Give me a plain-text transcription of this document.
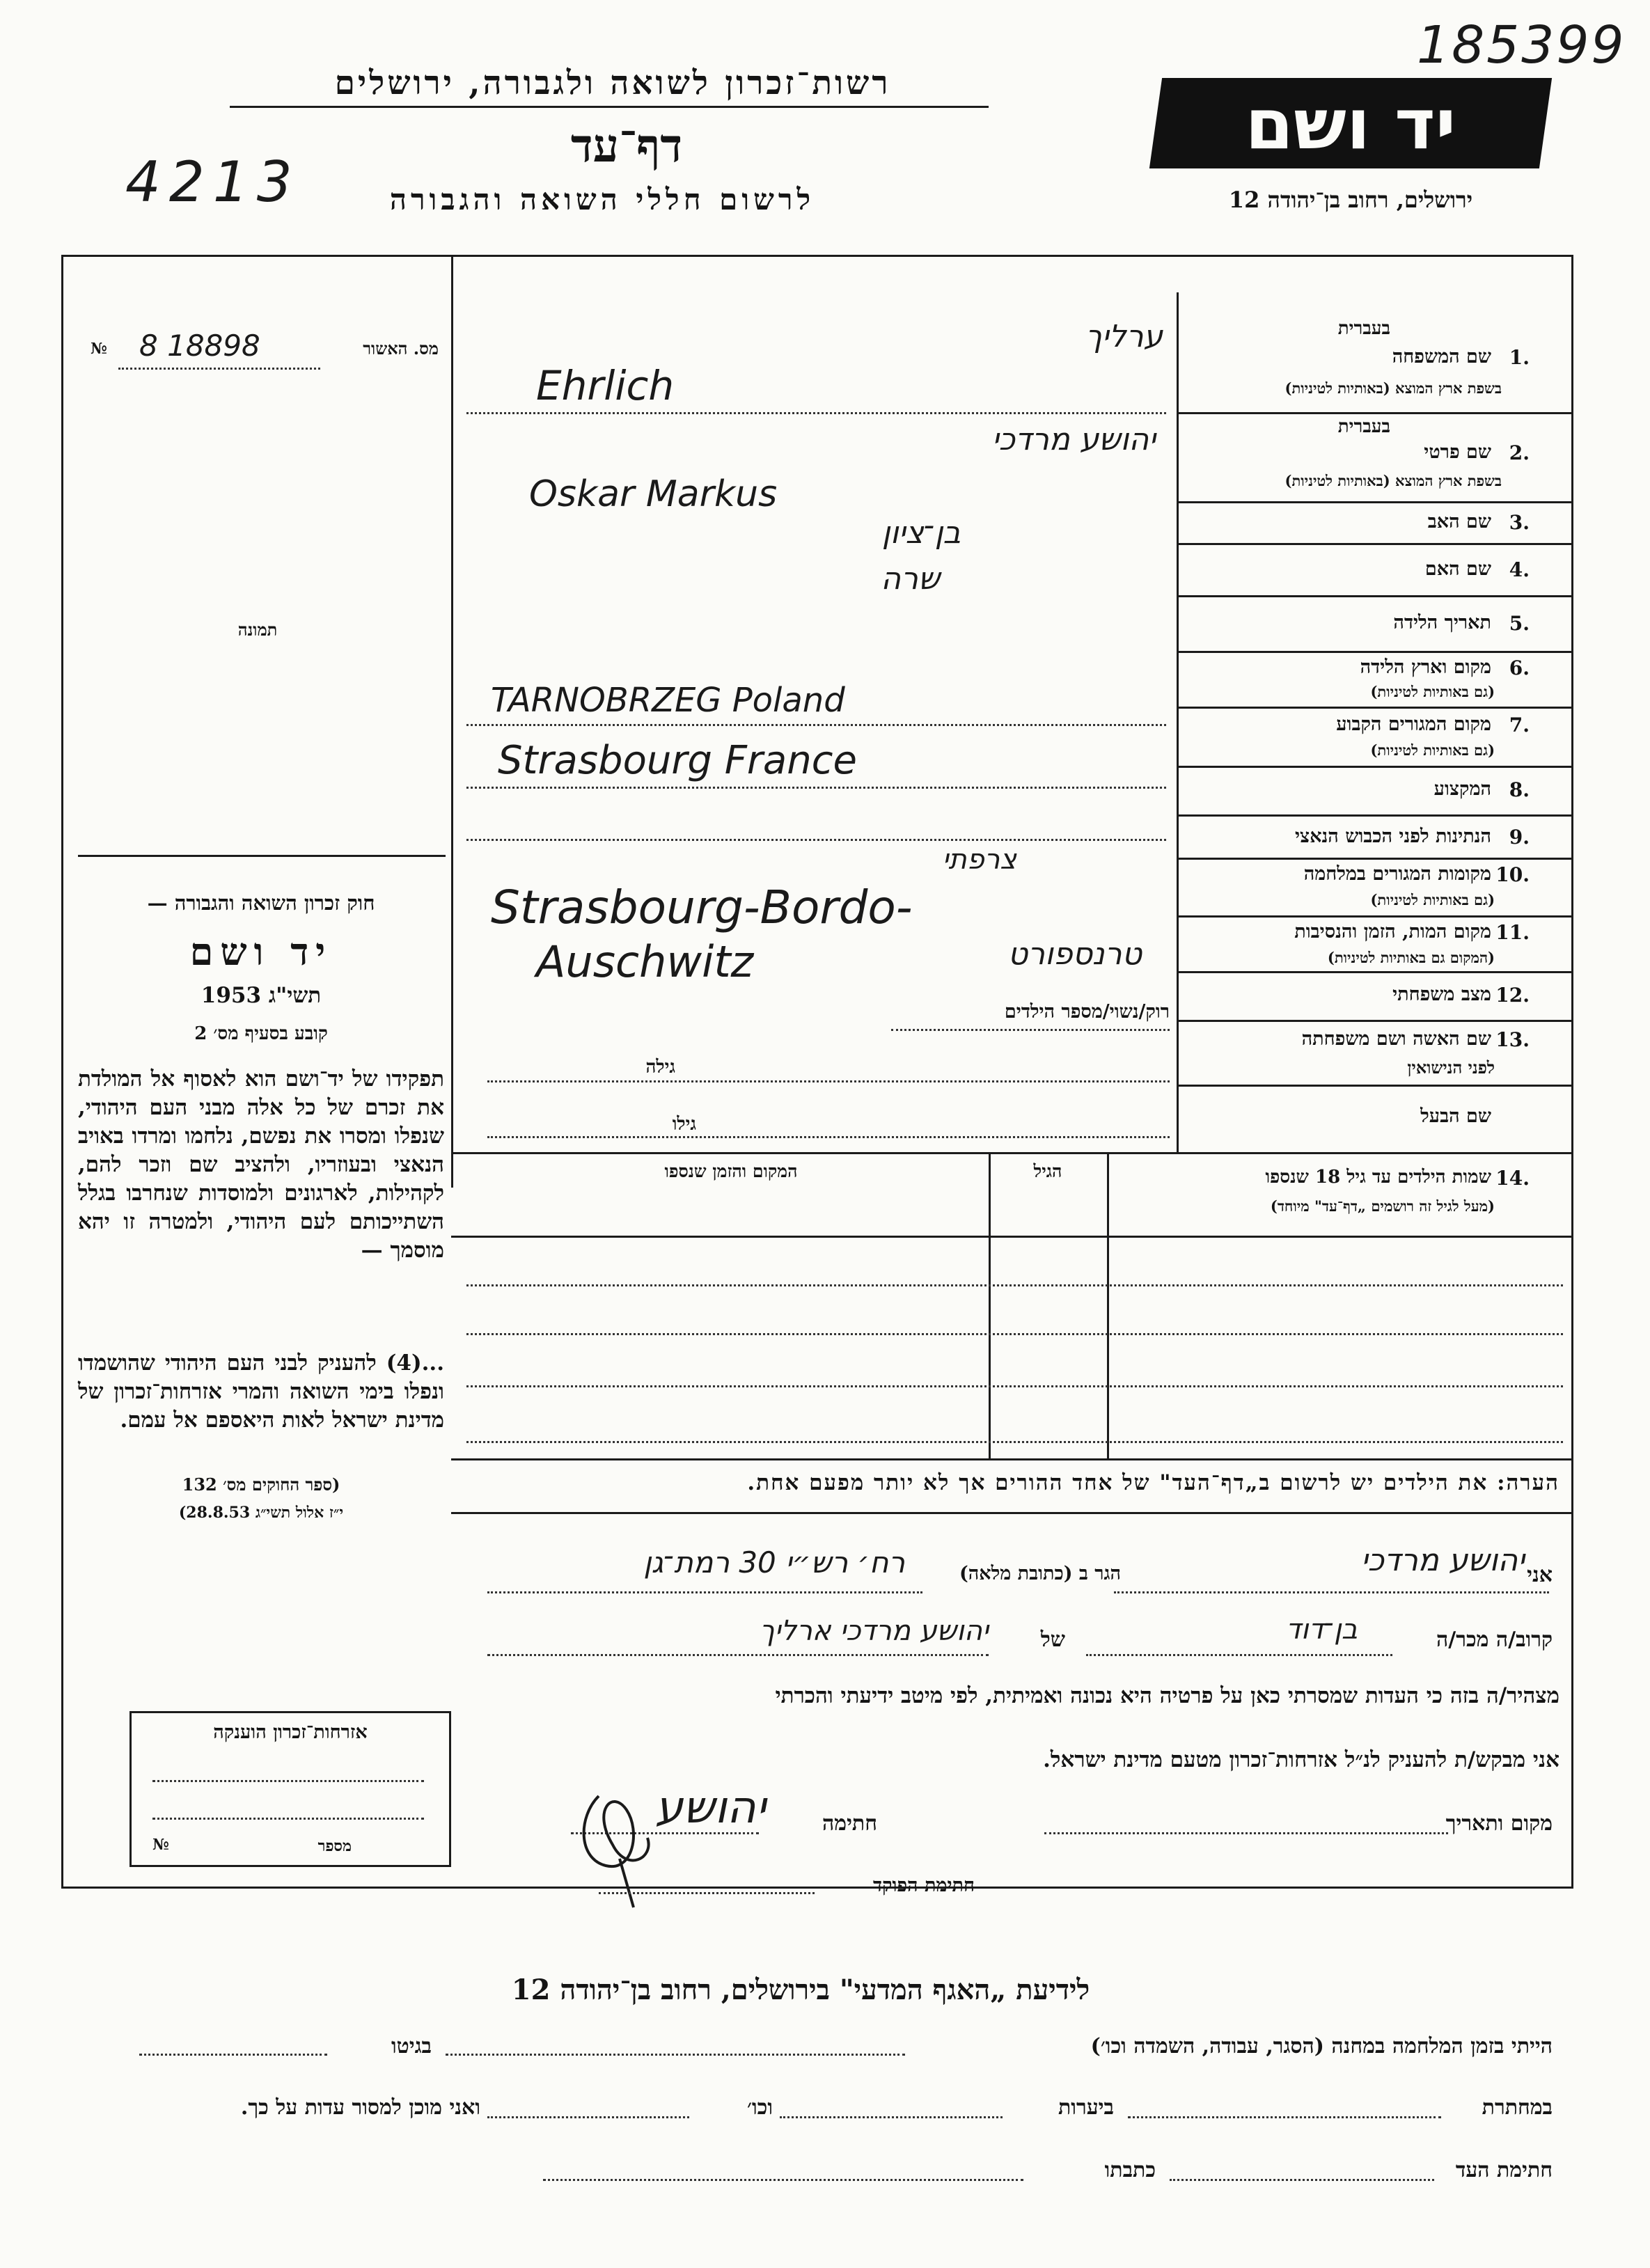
185399
רשות־זכרון לשואה ולגבורה, ירושלים
דף־עד
4213	לרשום חללי השואה והגבורה
יד ושם
ירושלים, רחוב בן־יהודה 12
מס. האשור
18898 8
№
תמונה
חוק זכרון השואה והגבורה —
יד ושם
תשי"ג 1953
קובע בסעיף מס׳ 2
תפקידו של יד־ושם הוא לאסוף אל המולדת את זכרם של כל אלה מבני העם היהודי, שנפלו ומסרו את נפשם, נלחמו ומרדו באויב הנאצי ובעוזריו, ולהציב שם וזכר להם, לקהילות, לארגונים ולמוסדות שנחרבו בגלל השתייכותם לעם היהודי, ולמטרה זו יהא מוסמך —
...(4) להעניק לבני העם היהודי שהושמדו ונפלו בימי השואה והמרי אזרחות־זכרון של מדינת ישראל לאות היאספם אל עמם.
(ספר החוקים מס׳ 132
י״ז אלול תשי״ג 28.8.53)
אזרחות־זכרון הוענקה
מספר
№
1.
שם המשפחה
בעברית
בשפת ארץ המוצא (באותיות לטיניות)
2.
שם פרטי
בעברית
בשפת ארץ המוצא (באותיות לטיניות)
3.
שם האב
4.
שם האם
5.
תאריך הלידה
6.
מקום וארץ הלידה
(גם באותיות לטיניות)
7.
מקום המגורים הקבוע
(גם באותיות לטיניות)
8.
המקצוע
9.
הנתינות לפני הכבוש הנאצי
10.
מקומות המגורים במלחמה
(גם באותיות לטיניות)
11.
מקום המות, הזמן והנסיבות
(המקום גם באותיות לטיניות)
12.
מצב משפחתי
13.
שם האשה ושם משפחתה
לפני הנישואין
שם הבעל
ערליך
Ehrlich
יהושע מרדכי
Oskar Markus
בן־ציון
שרה
TARNOBRZEG Poland
Strasbourg France
צרפתי
Strasbourg-Bordo-
Auschwitz	טרנספורט
רוק/נשוי/מספר הילדים
גילה
גילו
14.
שמות הילדים עד גיל 18 שנספו
(מעל לגיל זה רושמים „דף־עד" מיוחד)
הגיל
המקום והזמן שנספו
הערה: את הילדים יש לרשום ב„דף־העד" של אחד ההורים אך לא יותר מפעם אחת.
אני
יהושע מרדכי
הגר ב (כתובת מלאה)
רח׳ רש״י 30 רמת־גן
קרוב/ה מכר/ה
בן־דוד
של
יהושע מרדכי ארליך
מצהיר/ה בזה כי העדות שמסרתי כאן על פרטיה היא נכונה ואמיתית, לפי מיטב ידיעתי והכרתי
אני מבקש/ת להעניק לנ״ל אזרחות־זכרון מטעם מדינת ישראל.
מקום ותאריך
חתימה
יהושע
חתימת הפוקד
לידיעת „האגף המדעי" בירושלים, רחוב בן־יהודה 12
הייתי בזמן המלחמה במחנה (הסגר, עבודה, השמדה וכו׳)
בגיטו
במחתרת
ביערות
וכו׳
ואני מוכן למסור עדות על כך.
חתימת העד
כתבתו
